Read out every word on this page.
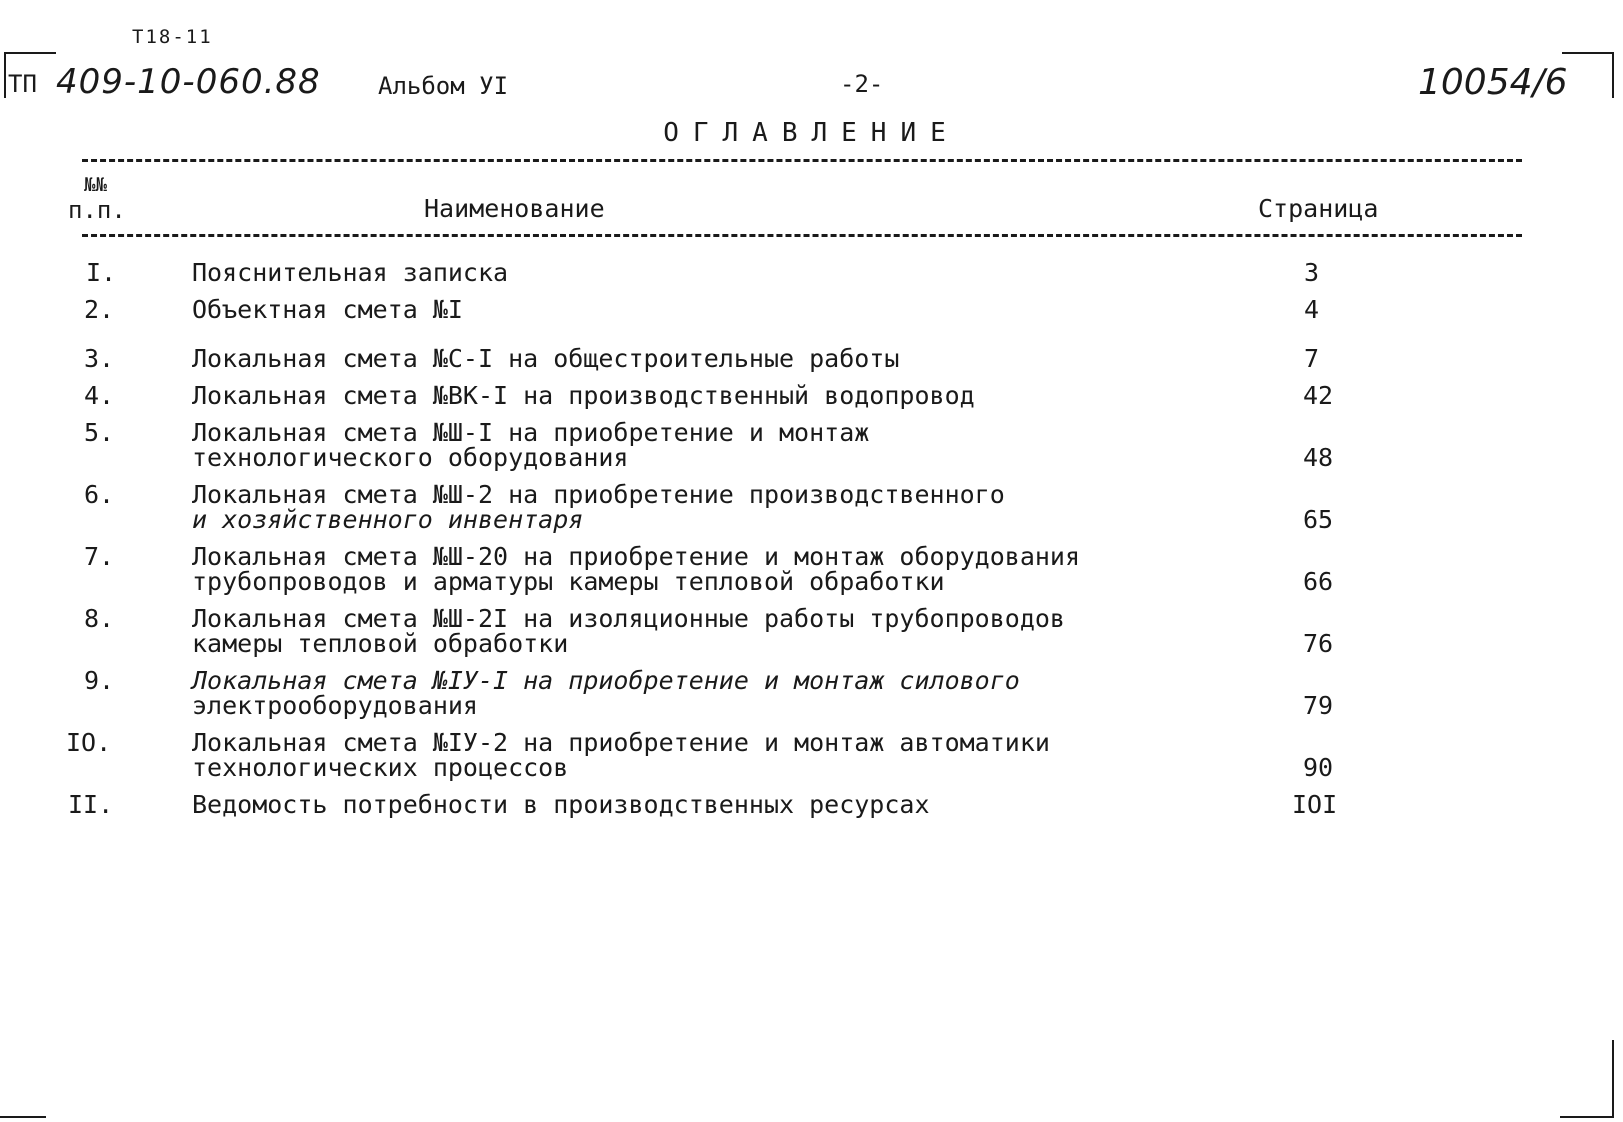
Т18-11
ТП 409-10-060.88 Альбом УI	-2-	10054/6
ОГЛАВЛЕНИЕ
№№
п.п.	Наименование	Страница
I.	Пояснительная записка	3
2.	Объектная смета №I	4
3.	Локальная смета №С-I на общестроительные работы	7
4.	Локальная смета №ВК-I на производственный водопровод	42
5.	Локальная смета №Ш-I на приобретение и монтаж
технологического оборудования	48
6.	Локальная смета №Ш-2 на приобретение производственного
и хозяйственного инвентаря	65
7.	Локальная смета №Ш-20 на приобретение и монтаж оборудования
трубопроводов и арматуры камеры тепловой обработки	66
8.	Локальная смета №Ш-2I на изоляционные работы трубопроводов
камеры тепловой обработки	76
9.	Локальная смета №IУ-I на приобретение и монтаж силового
электрооборудования	79
IO.	Локальная смета №IУ-2 на приобретение и монтаж автоматики
технологических процессов	90
II.	Ведомость потребности в производственных ресурсах	IOI
